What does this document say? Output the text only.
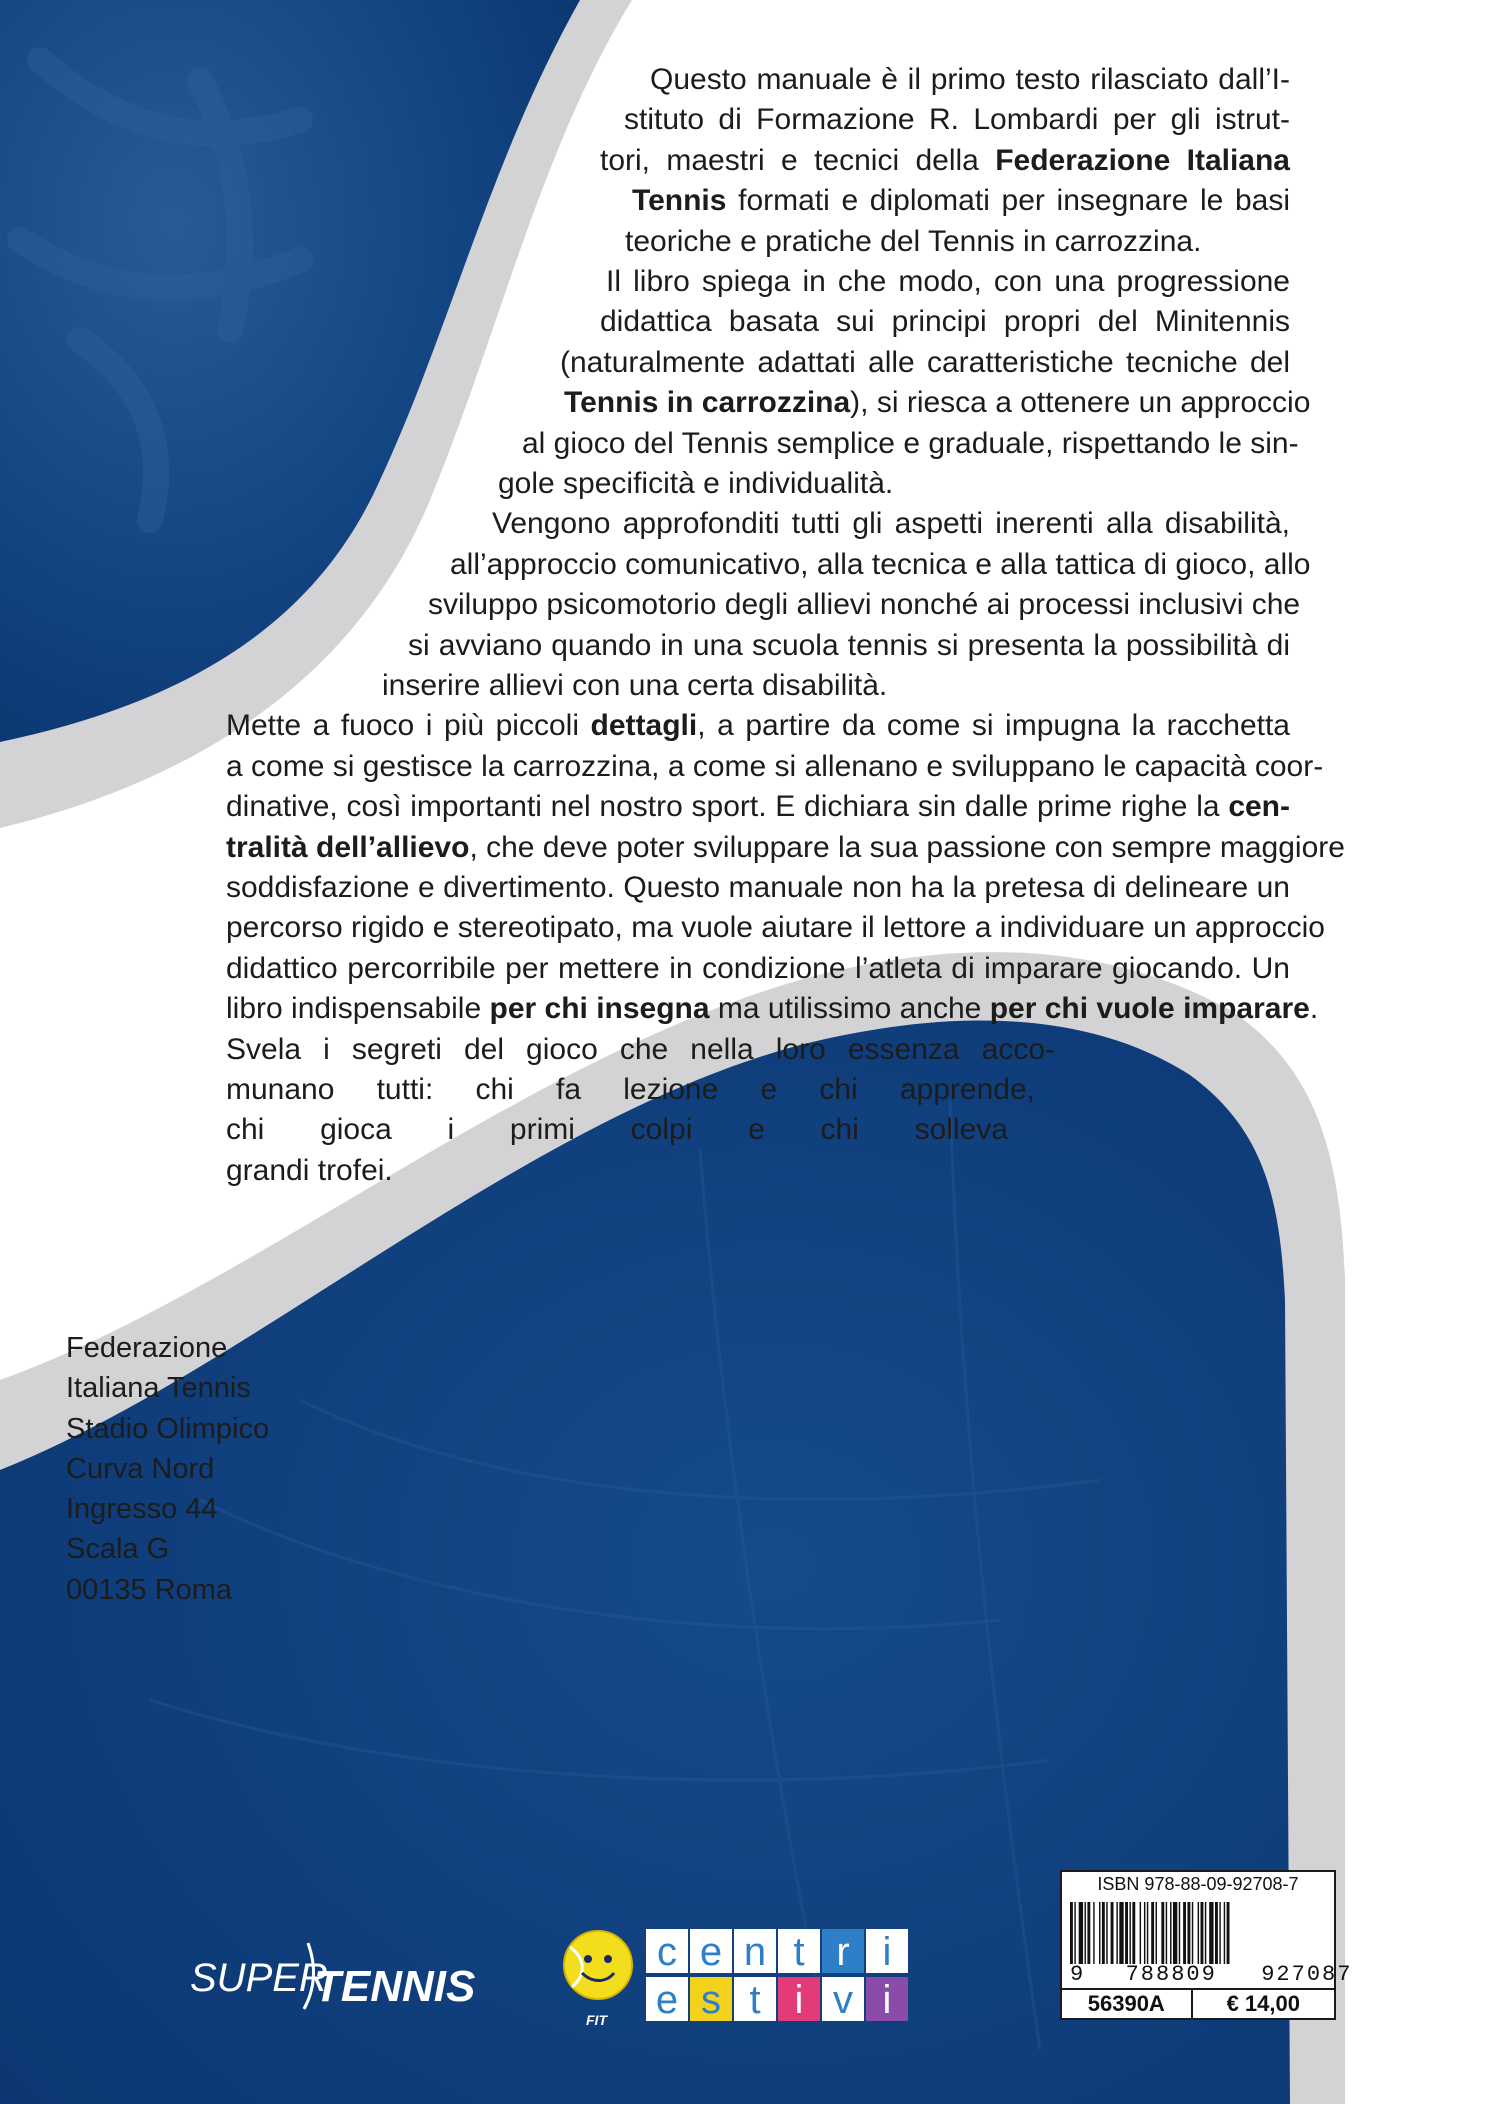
Questo manuale è il primo testo rilasciato dall’I-
stituto di Formazione R. Lombardi per gli istrut-
tori, maestri e tecnici della Federazione Italiana
Tennis formati e diplomati per insegnare le basi
teoriche e pratiche del Tennis in carrozzina.
Il libro spiega in che modo, con una progressione
didattica basata sui principi propri del Minitennis
(naturalmente adattati alle caratteristiche tecniche del
Tennis in carrozzina), si riesca a ottenere un approccio
al gioco del Tennis semplice e graduale, rispettando le sin-
gole specificità e individualità.
Vengono approfonditi tutti gli aspetti inerenti alla disabilità,
all’approccio comunicativo, alla tecnica e alla tattica di gioco, allo
sviluppo psicomotorio degli allievi nonché ai processi inclusivi che
si avviano quando in una scuola tennis si presenta la possibilità di
inserire allievi con una certa disabilità.
Mette a fuoco i più piccoli dettagli, a partire da come si impugna la racchetta
a come si gestisce la carrozzina, a come si allenano e sviluppano le capacità coor-
dinative, così importanti nel nostro sport. E dichiara sin dalle prime righe la cen-
tralità dell’allievo, che deve poter sviluppare la sua passione con sempre maggiore
soddisfazione e divertimento. Questo manuale non ha la pretesa di delineare un
percorso rigido e stereotipato, ma vuole aiutare il lettore a individuare un approccio
didattico percorribile per mettere in condizione l’atleta di imparare giocando. Un
libro indispensabile per chi insegna ma utilissimo anche per chi vuole imparare.
Svela i segreti del gioco che nella loro essenza acco-
munano tutti: chi fa lezione e chi apprende,
chi gioca i primi colpi e chi solleva
grandi trofei.
Federazione
Italiana Tennis
Stadio Olimpico
Curva Nord
Ingresso 44
Scala G
00135 Roma
SUPER
TENNIS
FIT
c e n t r i
e s t i v i
ISBN 978-88-09-92708-7
9 788809 927087
56390A	€ 14,00
